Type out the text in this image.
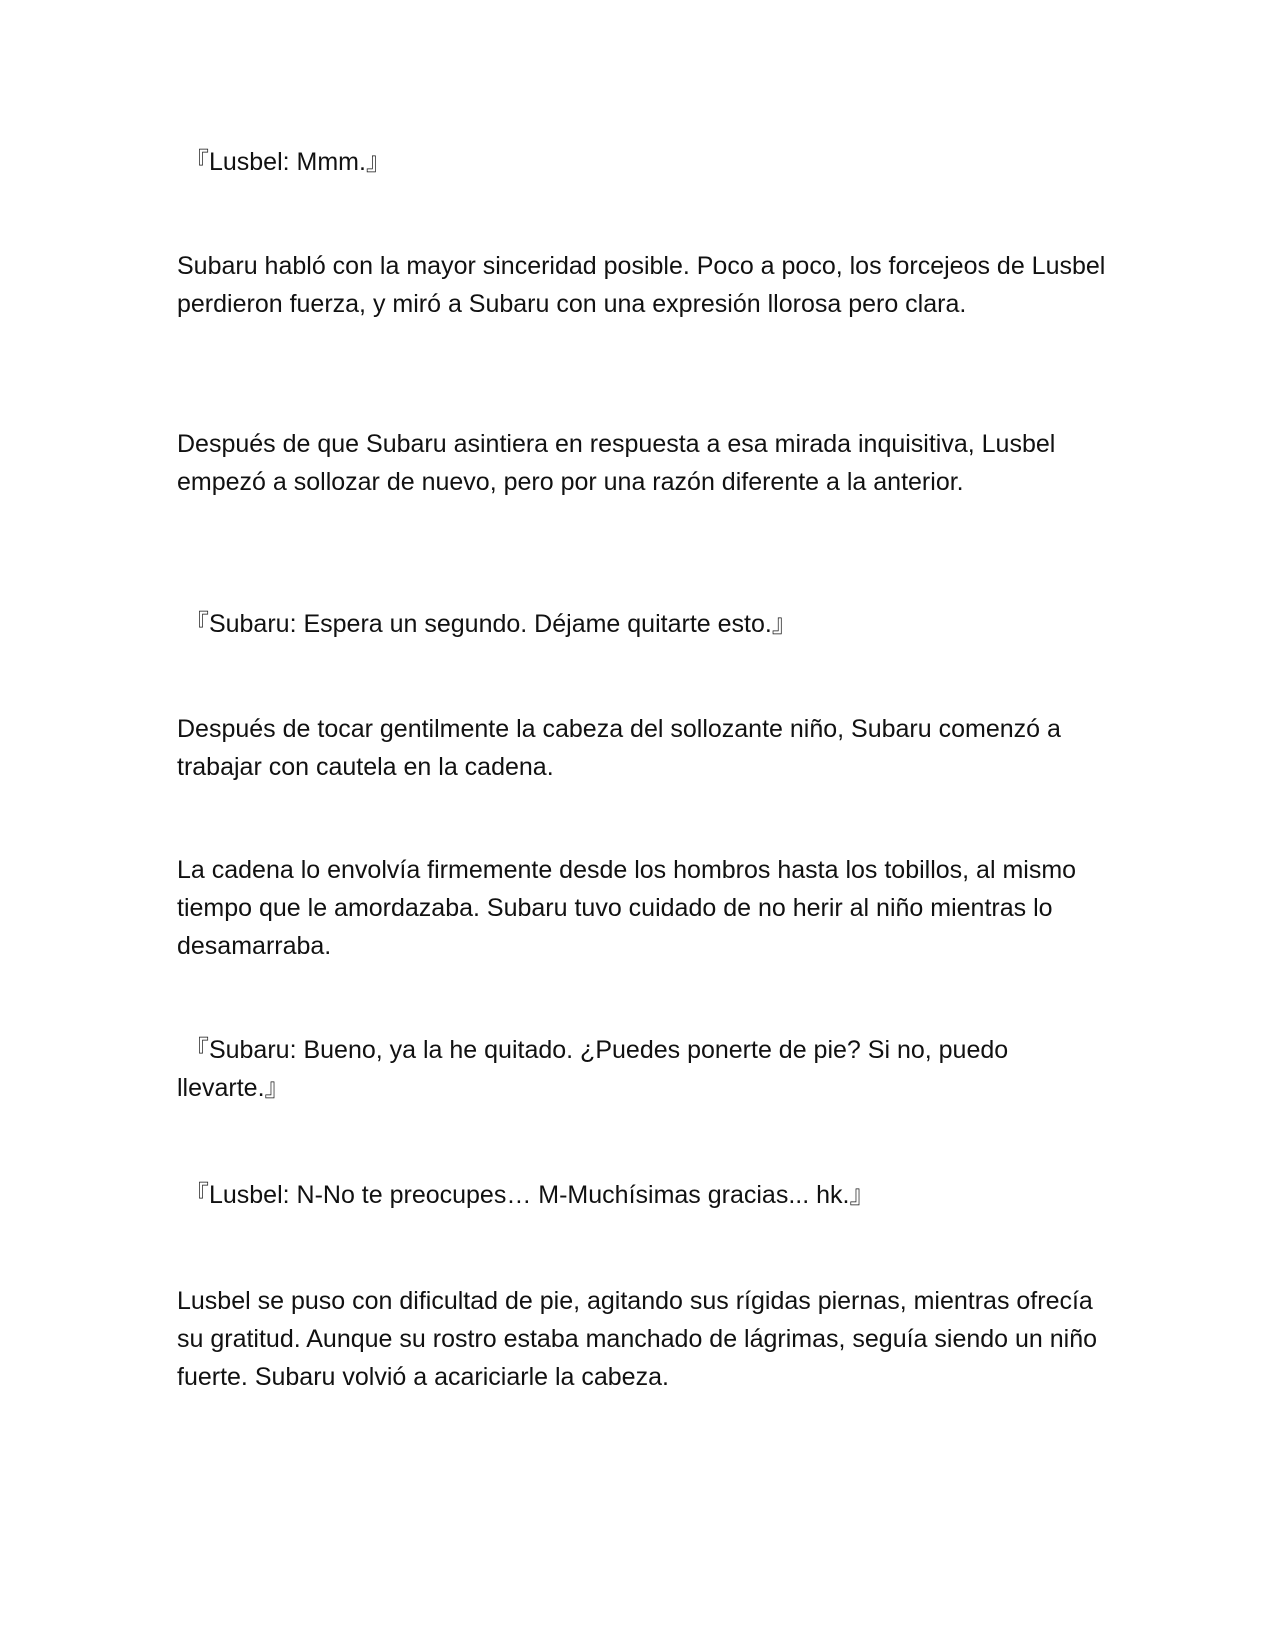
『Lusbel: Mmm.』

Subaru habló con la mayor sinceridad posible. Poco a poco, los forcejeos de Lusbel perdieron fuerza, y miró a Subaru con una expresión llorosa pero clara.

Después de que Subaru asintiera en respuesta a esa mirada inquisitiva, Lusbel empezó a sollozar de nuevo, pero por una razón diferente a la anterior.

『Subaru: Espera un segundo. Déjame quitarte esto.』

Después de tocar gentilmente la cabeza del sollozante niño, Subaru comenzó a trabajar con cautela en la cadena.

La cadena lo envolvía firmemente desde los hombros hasta los tobillos, al mismo tiempo que le amordazaba. Subaru tuvo cuidado de no herir al niño mientras lo desamarraba.

『Subaru: Bueno, ya la he quitado. ¿Puedes ponerte de pie? Si no, puedo llevarte.』

『Lusbel: N-No te preocupes… M-Muchísimas gracias... hk.』

Lusbel se puso con dificultad de pie, agitando sus rígidas piernas, mientras ofrecía su gratitud. Aunque su rostro estaba manchado de lágrimas, seguía siendo un niño fuerte. Subaru volvió a acariciarle la cabeza.
